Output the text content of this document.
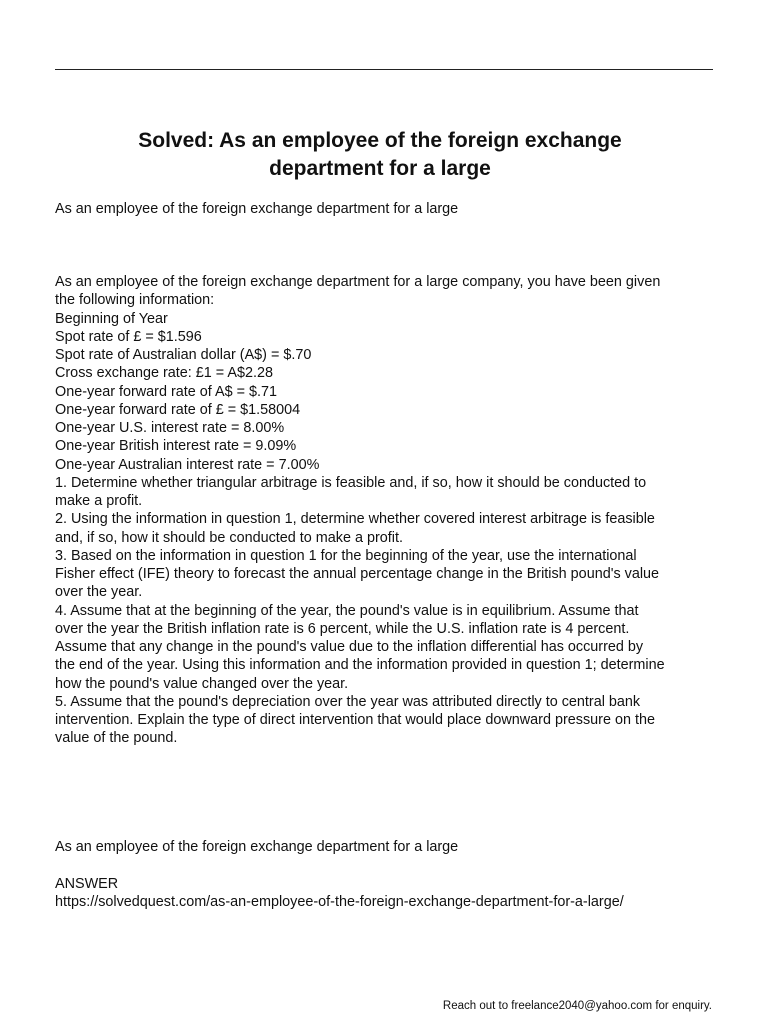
Solved: As an employee of the foreign exchange
department for a large
As an employee of the foreign exchange department for a large
As an employee of the foreign exchange department for a large company, you have been given
the following information:
Beginning of Year
Spot rate of £ = $1.596
Spot rate of Australian dollar (A$) = $.70
Cross exchange rate: £1 = A$2.28
One-year forward rate of A$ = $.71
One-year forward rate of £ = $1.58004
One-year U.S. interest rate = 8.00%
One-year British interest rate = 9.09%
One-year Australian interest rate = 7.00%
1. Determine whether triangular arbitrage is feasible and, if so, how it should be conducted to
make a profit.
2. Using the information in question 1, determine whether covered interest arbitrage is feasible
and, if so, how it should be conducted to make a profit.
3. Based on the information in question 1 for the beginning of the year, use the international
Fisher effect (IFE) theory to forecast the annual percentage change in the British pound's value
over the year.
4. Assume that at the beginning of the year, the pound's value is in equilibrium. Assume that
over the year the British inflation rate is 6 percent, while the U.S. inflation rate is 4 percent.
Assume that any change in the pound's value due to the inflation differential has occurred by
the end of the year. Using this information and the information provided in question 1; determine
how the pound's value changed over the year.
5. Assume that the pound's depreciation over the year was attributed directly to central bank
intervention. Explain the type of direct intervention that would place downward pressure on the
value of the pound.
As an employee of the foreign exchange department for a large
ANSWER
https://solvedquest.com/as-an-employee-of-the-foreign-exchange-department-for-a-large/
Reach out to freelance2040@yahoo.com for enquiry.
